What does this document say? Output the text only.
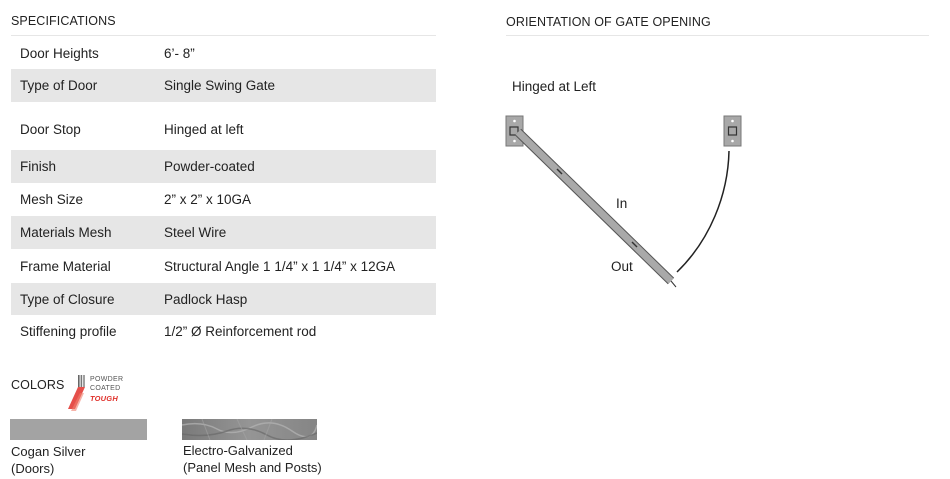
SPECIFICATIONS
Door Heights	6’- 8”
Type of Door	Single Swing Gate
Door Stop	Hinged at left
Finish	Powder-coated
Mesh Size	2” x 2” x 10GA
Materials Mesh	Steel Wire
Frame Material	Structural Angle 1 1/4” x 1 1/4” x 12GA
Type of Closure	Padlock Hasp
Stiffening profile	1/2” Ø Reinforcement rod
COLORS	POWDER
COATED
TOUGH
Cogan Silver
(Doors)
Electro-Galvanized
(Panel Mesh and Posts)
ORIENTATION OF GATE OPENING
Hinged at Left
In
Out
